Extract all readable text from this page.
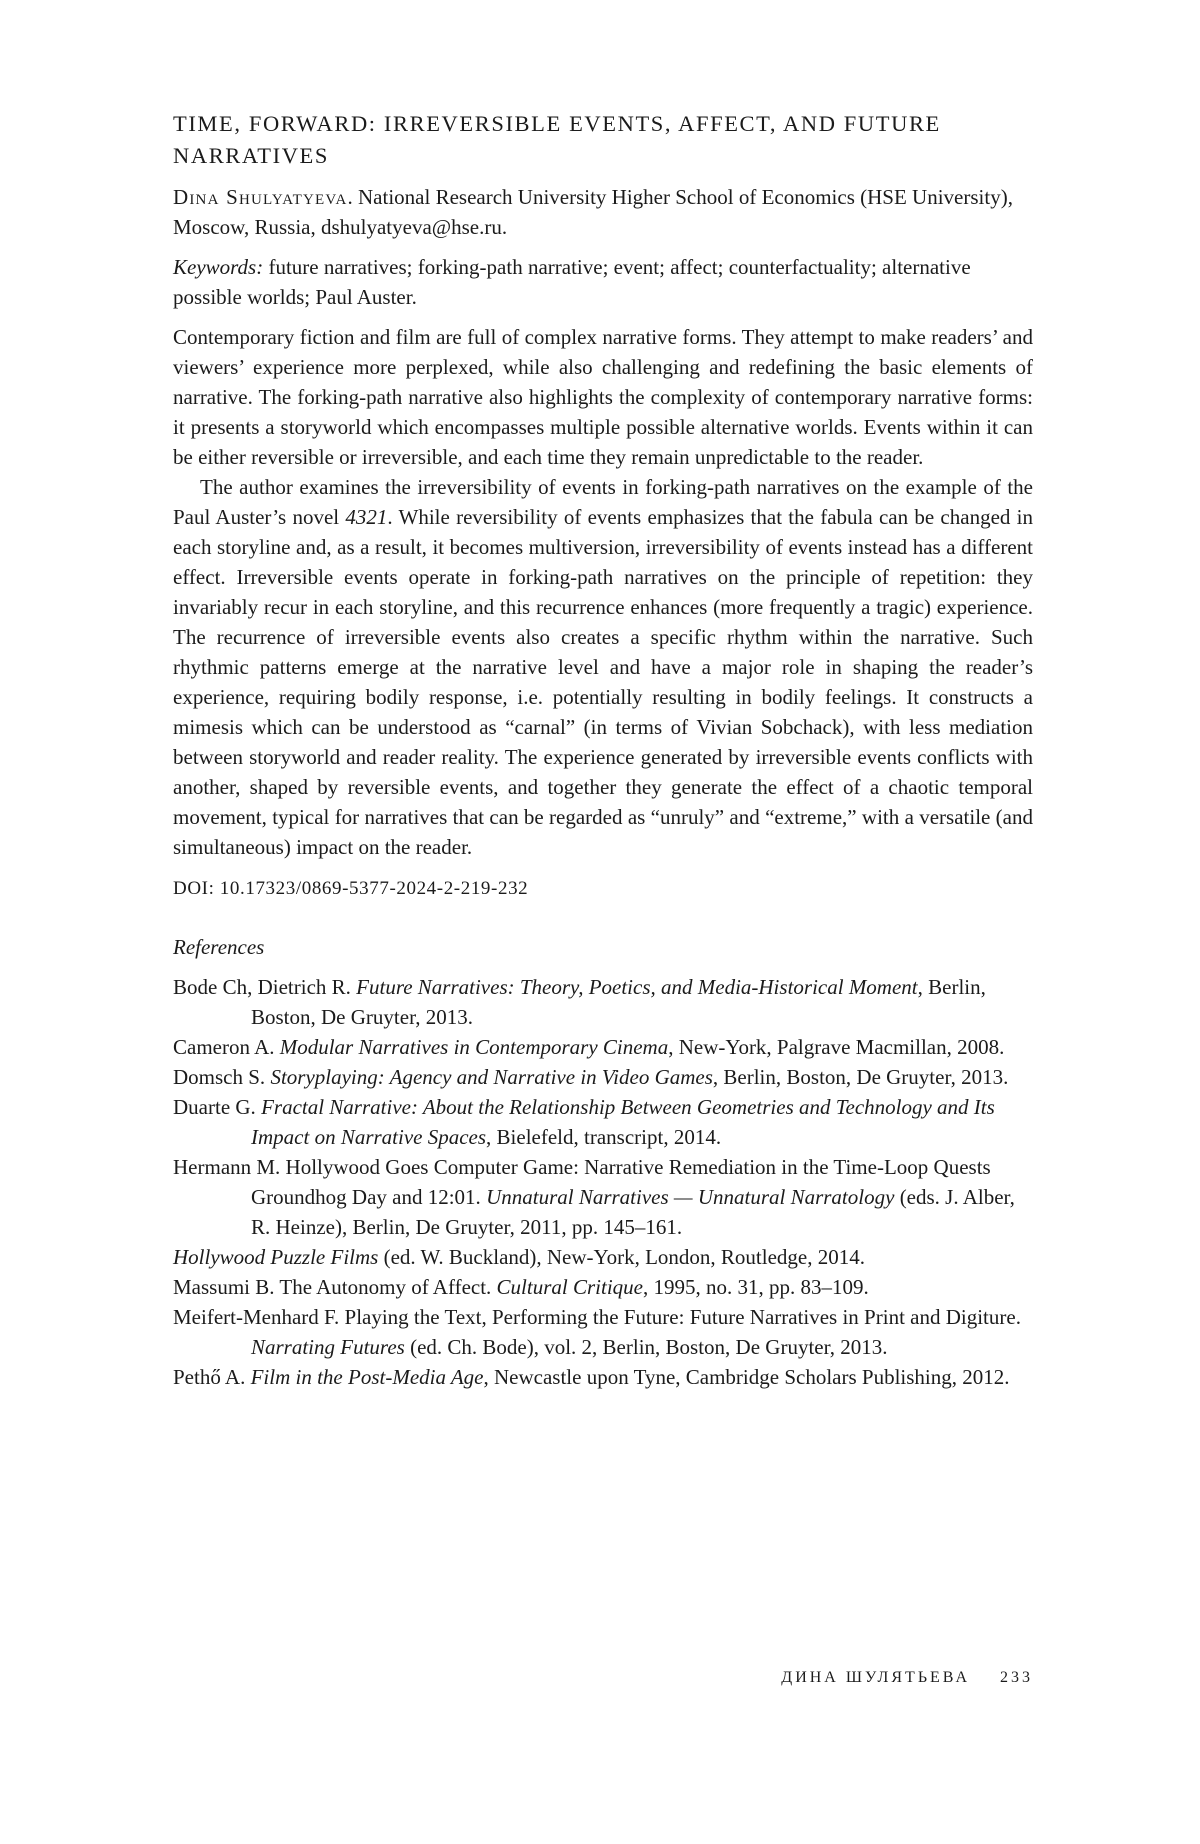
TIME, FORWARD: IRREVERSIBLE EVENTS, AFFECT, AND FUTURE NARRATIVES

Dina Shulyatyeva. National Research University Higher School of Economics (HSE University), Moscow, Russia, dshulyatyeva@hse.ru.

Keywords: future narratives; forking-path narrative; event; affect; counterfactuality; alternative possible worlds; Paul Auster.

Contemporary fiction and film are full of complex narrative forms. They attempt to make readers’ and viewers’ experience more perplexed, while also challenging and redefining the basic elements of narrative. The forking-path narrative also highlights the complexity of contemporary narrative forms: it presents a storyworld which encompasses multiple possible alternative worlds. Events within it can be either reversible or irreversible, and each time they remain unpredictable to the reader.

The author examines the irreversibility of events in forking-path narratives on the example of the Paul Auster’s novel 4321. While reversibility of events emphasizes that the fabula can be changed in each storyline and, as a result, it becomes multiversion, irreversibility of events instead has a different effect. Irreversible events operate in forking-path narratives on the principle of repetition: they invariably recur in each storyline, and this recurrence enhances (more frequently a tragic) experience. The recurrence of irreversible events also creates a specific rhythm within the narrative. Such rhythmic patterns emerge at the narrative level and have a major role in shaping the reader’s experience, requiring bodily response, i.e. potentially resulting in bodily feelings. It constructs a mimesis which can be understood as “carnal” (in terms of Vivian Sobchack), with less mediation between storyworld and reader reality. The experience generated by irreversible events conflicts with another, shaped by reversible events, and together they generate the effect of a chaotic temporal movement, typical for narratives that can be regarded as “unruly” and “extreme,” with a versatile (and simultaneous) impact on the reader.

DOI: 10.17323/0869-5377-2024-2-219-232

References

Bode Ch, Dietrich R. Future Narratives: Theory, Poetics, and Media-Historical Moment, Berlin, Boston, De Gruyter, 2013.
Cameron A. Modular Narratives in Contemporary Cinema, New-York, Palgrave Macmillan, 2008.
Domsch S. Storyplaying: Agency and Narrative in Video Games, Berlin, Boston, De Gruyter, 2013.
Duarte G. Fractal Narrative: About the Relationship Between Geometries and Technology and Its Impact on Narrative Spaces, Bielefeld, transcript, 2014.
Hermann M. Hollywood Goes Computer Game: Narrative Remediation in the Time-Loop Quests Groundhog Day and 12:01. Unnatural Narratives — Unnatural Narratology (eds. J. Alber, R. Heinze), Berlin, De Gruyter, 2011, pp. 145–161.
Hollywood Puzzle Films (ed. W. Buckland), New-York, London, Routledge, 2014.
Massumi B. The Autonomy of Affect. Cultural Critique, 1995, no. 31, pp. 83–109.
Meifert-Menhard F. Playing the Text, Performing the Future: Future Narratives in Print and Digiture. Narrating Futures (ed. Ch. Bode), vol. 2, Berlin, Boston, De Gruyter, 2013.
Pethő A. Film in the Post-Media Age, Newcastle upon Tyne, Cambridge Scholars Publishing, 2012.
ДИНА ШУЛЯТЬЕВА 233
